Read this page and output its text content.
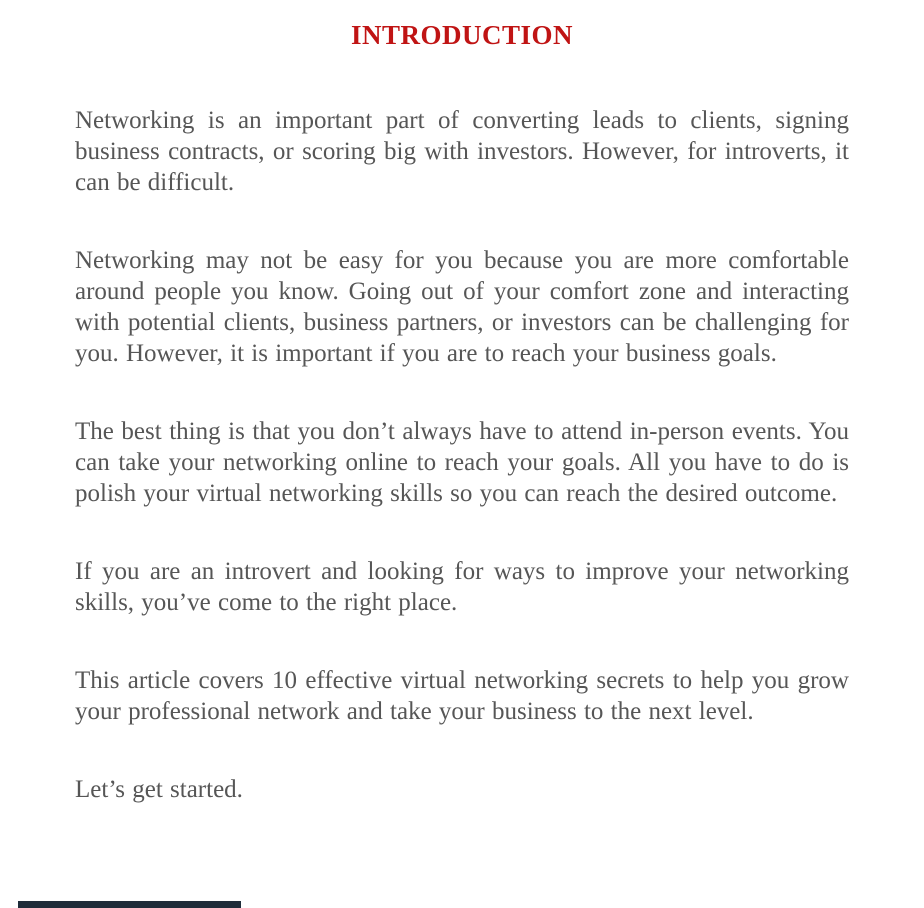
INTRODUCTION

Networking is an important part of converting leads to clients, signing business contracts, or scoring big with investors. However, for introverts, it can be difficult.

Networking may not be easy for you because you are more comfortable around people you know. Going out of your comfort zone and interacting with potential clients, business partners, or investors can be challenging for you. However, it is important if you are to reach your business goals.

The best thing is that you don’t always have to attend in-person events. You can take your networking online to reach your goals. All you have to do is polish your virtual networking skills so you can reach the desired outcome.

If you are an introvert and looking for ways to improve your networking skills, you’ve come to the right place.

This article covers 10 effective virtual networking secrets to help you grow your professional network and take your business to the next level.

Let’s get started.
